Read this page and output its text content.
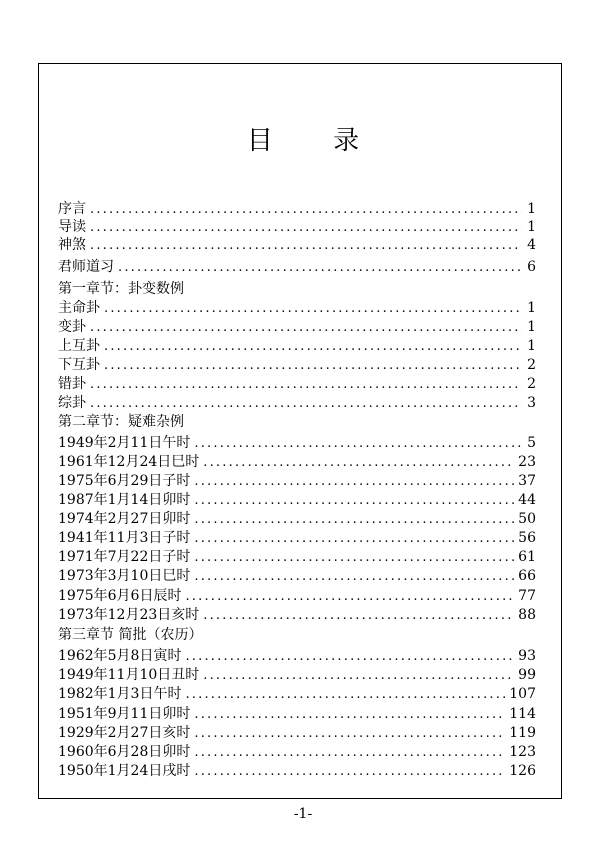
目 录
序言 .....	1
导读 .....	1
神煞 .....	4
君师道习 .....	6
第一章节：卦变数例
主命卦 .....	1
变卦 .....	1
上互卦 .....	1
下互卦 .....	2
错卦 .....	2
综卦 .....	3
第二章节：疑难杂例
1949年2月11日午时 .....	5
1961年12月24日巳时 .....	23
1975年6月29日子时 .....	37
1987年1月14日卯时 .....	44
1974年2月27日卯时 .....	50
1941年11月3日子时 .....	56
1971年7月22日子时 .....	61
1973年3月10日巳时 .....	66
1975年6月6日辰时 .....	77
1973年12月23日亥时 .....	88
第三章节 简批（农历）
1962年5月8日寅时 .....	93
1949年11月10日丑时 .....	99
1982年1月3日午时 .....	107
1951年9月11日卯时 .....	114
1929年2月27日亥时 .....	119
1960年6月28日卯时 .....	123
1950年1月24日戌时 .....	126
-1-
